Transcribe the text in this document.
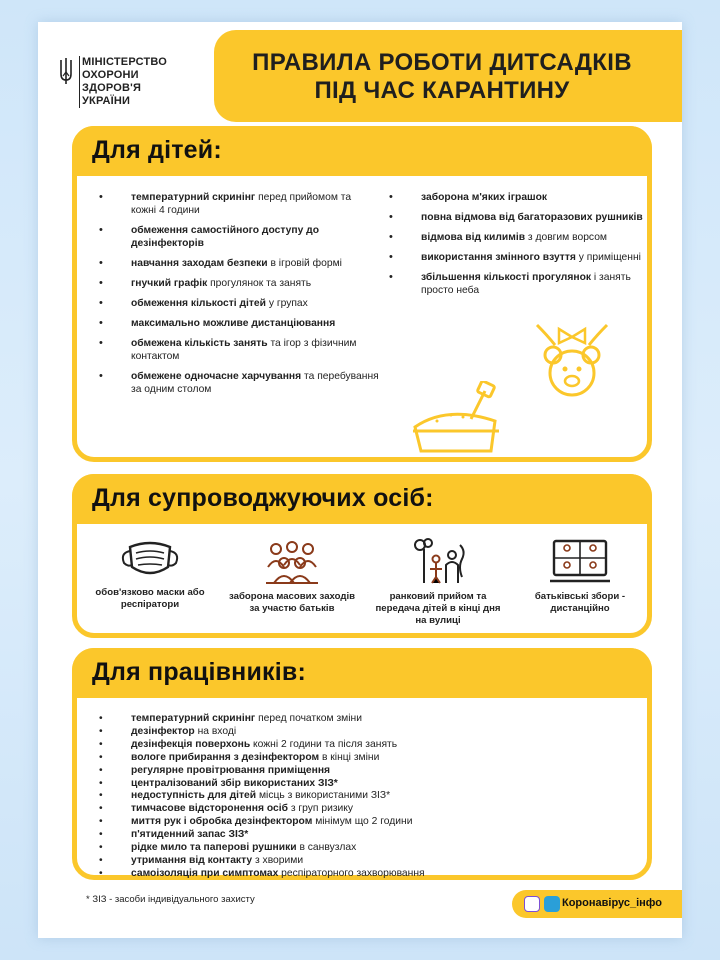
МІНІСТЕРСТВО
ОХОРОНИ
ЗДОРОВ'Я
УКРАЇНИ
ПРАВИЛА РОБОТИ ДИТСАДКІВ
ПІД ЧАС КАРАНТИНУ
Для дітей:
• температурний скринінг перед прийомом та кожні 4 години
• обмеження самостійного доступу до дезінфекторів
• навчання заходам безпеки в ігровій формі
• гнучкий графік прогулянок та занять
• обмеження кількості дітей у групах
• максимально можливе дистанціювання
• обмежена кількість занять та ігор з фізичним контактом
• обмежене одночасне харчування та перебування за одним столом
• заборона м'яких іграшок
• повна відмова від багаторазових рушників
• відмова від килимів з довгим ворсом
• використання змінного взуття у приміщенні
• збільшення кількості прогулянок і занять просто неба
Для супроводжуючих осіб:
обов'язково маски або респіратори
заборона масових заходів за участю батьків
ранковий прийом та передача дітей в кінці дня на вулиці
батьківські збори - дистанційно
Для працівників:
• температурний скринінг перед початком зміни
• дезінфектор на вході
• дезінфекція поверхонь кожні 2 години та після занять
• вологе прибирання з дезінфектором в кінці зміни
• регулярне провітрювання приміщення
• централізований збір використаних ЗІЗ*
• недоступність для дітей місць з використаними ЗІЗ*
• тимчасове відсторонення осіб з груп ризику
• миття рук і обробка дезінфектором мінімум що 2 години
• п'ятиденний запас ЗІЗ*
• рідке мило та паперові рушники в санвузлах
• утримання від контакту з хворими
• самоізоляція при симптомах респіраторного захворювання
* ЗІЗ - засоби індивідуального захисту	Коронавірус_інфо
